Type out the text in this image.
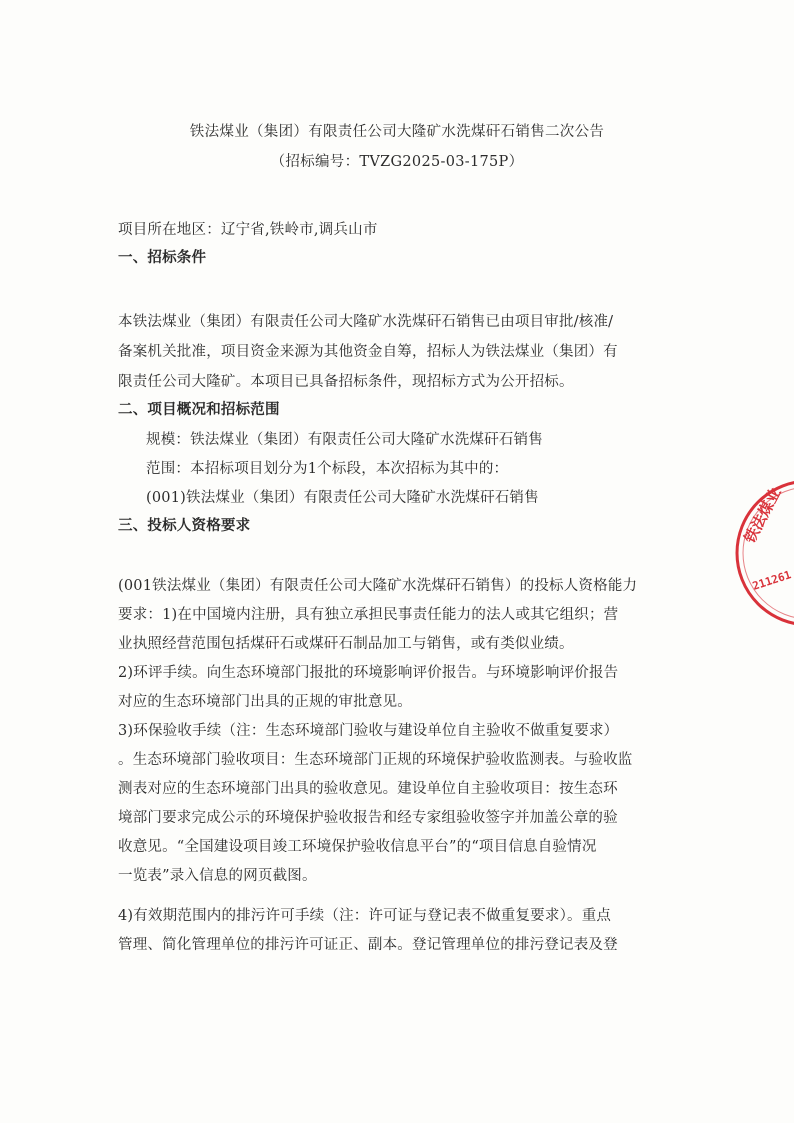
铁法煤业（集团）有限责任公司大隆矿水洗煤矸石销售二次公告
（招标编号：TVZG2025-03-175P）
项目所在地区：辽宁省,铁岭市,调兵山市
一、招标条件
本铁法煤业（集团）有限责任公司大隆矿水洗煤矸石销售已由项目审批/核准/
备案机关批准，项目资金来源为其他资金自筹，招标人为铁法煤业（集团）有
限责任公司大隆矿。本项目已具备招标条件，现招标方式为公开招标。
二、项目概况和招标范围
规模：铁法煤业（集团）有限责任公司大隆矿水洗煤矸石销售
范围：本招标项目划分为1个标段，本次招标为其中的：
(001)铁法煤业（集团）有限责任公司大隆矿水洗煤矸石销售
三、投标人资格要求
(001铁法煤业（集团）有限责任公司大隆矿水洗煤矸石销售）的投标人资格能力
要求：1)在中国境内注册，具有独立承担民事责任能力的法人或其它组织；营
业执照经营范围包括煤矸石或煤矸石制品加工与销售，或有类似业绩。
2)环评手续。向生态环境部门报批的环境影响评价报告。与环境影响评价报告
对应的生态环境部门出具的正规的审批意见。
3)环保验收手续（注：生态环境部门验收与建设单位自主验收不做重复要求）
。生态环境部门验收项目：生态环境部门正规的环境保护验收监测表。与验收监
测表对应的生态环境部门出具的验收意见。建设单位自主验收项目：按生态环
境部门要求完成公示的环境保护验收报告和经专家组验收签字并加盖公章的验
收意见。“全国建设项目竣工环境保护验收信息平台”的“项目信息自验情况
一览表”录入信息的网页截图。
4)有效期范围内的排污许可手续（注：许可证与登记表不做重复要求）。重点
管理、简化管理单位的排污许可证正、副本。登记管理单位的排污登记表及登
铁法煤业
211261
